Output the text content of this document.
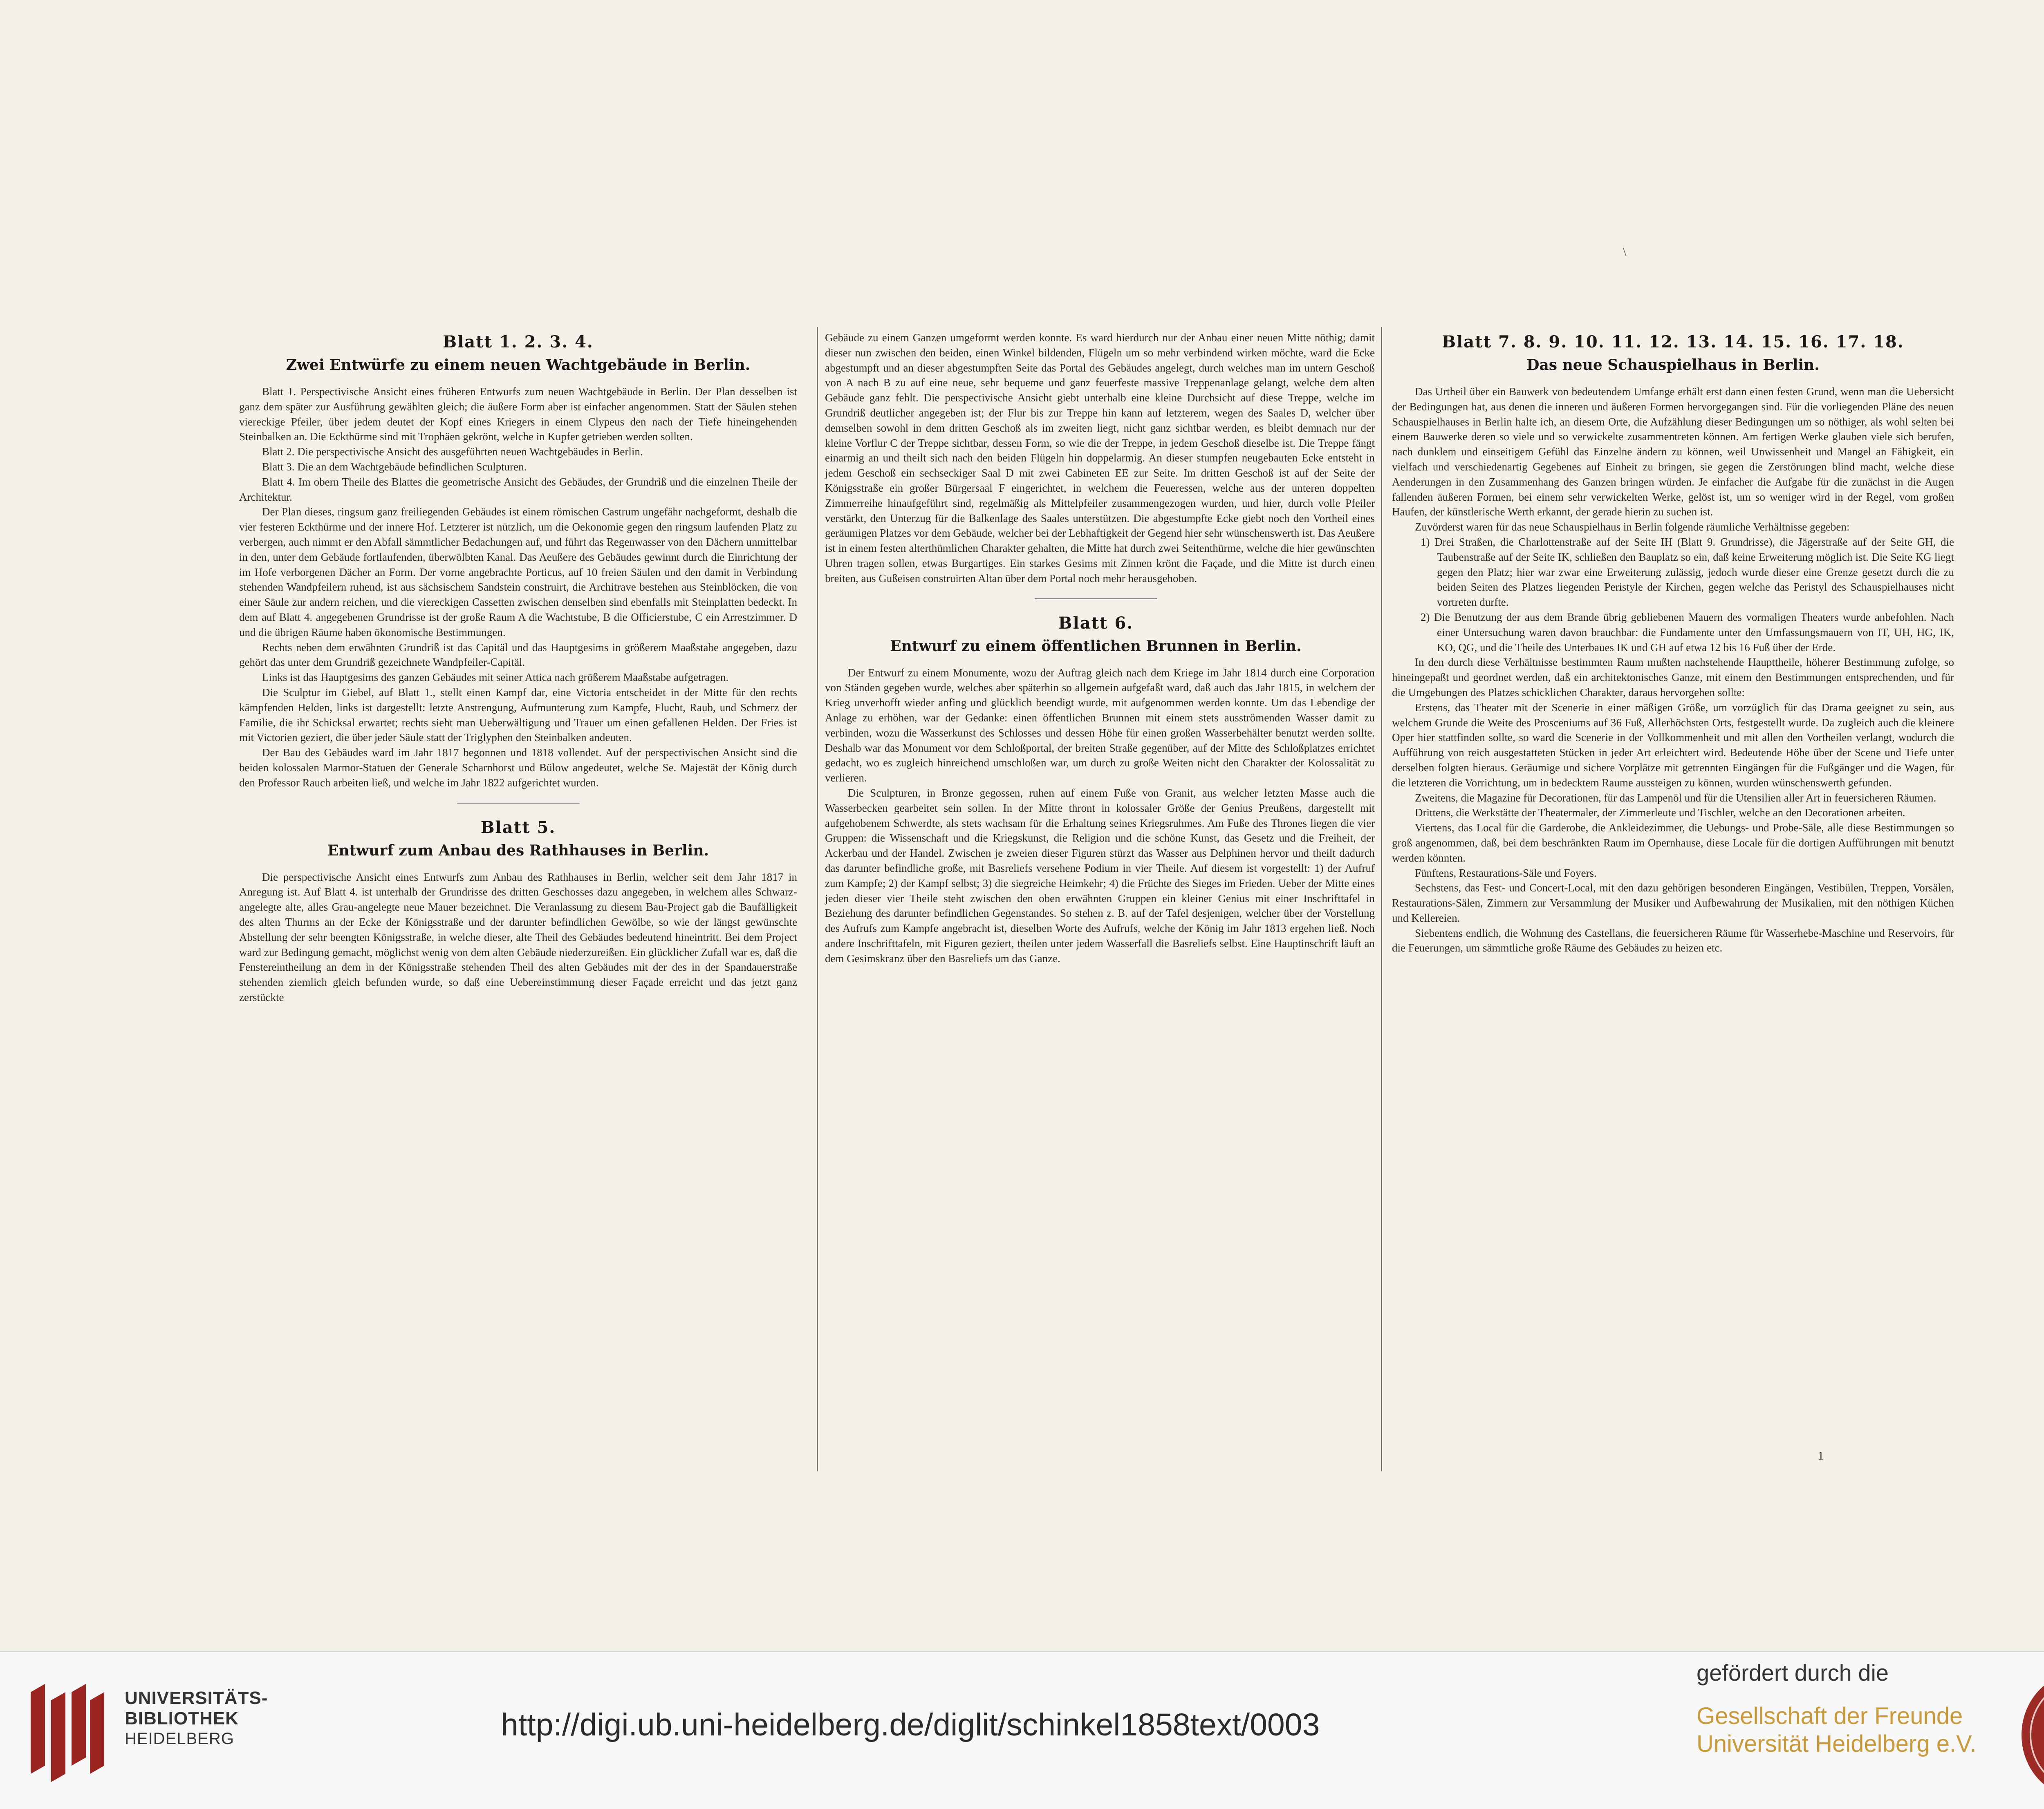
\
Blatt 1. 2. 3. 4.
Zwei Entwürfe zu einem neuen Wachtgebäude in Berlin.

Blatt 1. Perspectivische Ansicht eines früheren Entwurfs zum neuen Wachtgebäude in Berlin. Der Plan desselben ist ganz dem später zur Ausführung gewählten gleich; die äußere Form aber ist einfacher angenommen. Statt der Säulen stehen viereckige Pfeiler, über jedem deutet der Kopf eines Kriegers in einem Clypeus den nach der Tiefe hineingehenden Steinbalken an. Die Eckthürme sind mit Trophäen gekrönt, welche in Kupfer getrieben werden sollten.

Blatt 2. Die perspectivische Ansicht des ausgeführten neuen Wachtgebäudes in Berlin.

Blatt 3. Die an dem Wachtgebäude befindlichen Sculpturen.

Blatt 4. Im obern Theile des Blattes die geometrische Ansicht des Gebäudes, der Grundriß und die einzelnen Theile der Architektur.

Der Plan dieses, ringsum ganz freiliegenden Gebäudes ist einem römischen Castrum ungefähr nachgeformt, deshalb die vier festeren Eckthürme und der innere Hof. Letzterer ist nützlich, um die Oekonomie gegen den ringsum laufenden Platz zu verbergen, auch nimmt er den Abfall sämmtlicher Bedachungen auf, und führt das Regenwasser von den Dächern unmittelbar in den, unter dem Gebäude fortlaufenden, überwölbten Kanal. Das Aeußere des Gebäudes gewinnt durch die Einrichtung der im Hofe verborgenen Dächer an Form. Der vorne angebrachte Porticus, auf 10 freien Säulen und den damit in Verbindung stehenden Wandpfeilern ruhend, ist aus sächsischem Sandstein construirt, die Architrave bestehen aus Steinblöcken, die von einer Säule zur andern reichen, und die viereckigen Cassetten zwischen denselben sind ebenfalls mit Steinplatten bedeckt. In dem auf Blatt 4. angegebenen Grundrisse ist der große Raum A die Wachtstube, B die Officierstube, C ein Arrestzimmer. D und die übrigen Räume haben ökonomische Bestimmungen.

Rechts neben dem erwähnten Grundriß ist das Capitäl und das Hauptgesims in größerem Maaßstabe angegeben, dazu gehört das unter dem Grundriß gezeichnete Wandpfeiler-Capitäl.

Links ist das Hauptgesims des ganzen Gebäudes mit seiner Attica nach größerem Maaßstabe aufgetragen.

Die Sculptur im Giebel, auf Blatt 1., stellt einen Kampf dar, eine Victoria entscheidet in der Mitte für den rechts kämpfenden Helden, links ist dargestellt: letzte Anstrengung, Aufmunterung zum Kampfe, Flucht, Raub, und Schmerz der Familie, die ihr Schicksal erwartet; rechts sieht man Ueberwältigung und Trauer um einen gefallenen Helden. Der Fries ist mit Victorien geziert, die über jeder Säule statt der Triglyphen den Steinbalken andeuten.

Der Bau des Gebäudes ward im Jahr 1817 begonnen und 1818 vollendet. Auf der perspectivischen Ansicht sind die beiden kolossalen Marmor-Statuen der Generale Scharnhorst und Bülow angedeutet, welche Se. Majestät der König durch den Professor Rauch arbeiten ließ, und welche im Jahr 1822 aufgerichtet wurden.

Blatt 5.
Entwurf zum Anbau des Rathhauses in Berlin.

Die perspectivische Ansicht eines Entwurfs zum Anbau des Rathhauses in Berlin, welcher seit dem Jahr 1817 in Anregung ist. Auf Blatt 4. ist unterhalb der Grundrisse des dritten Geschosses dazu angegeben, in welchem alles Schwarz-angelegte alte, alles Grau-angelegte neue Mauer bezeichnet. Die Veranlassung zu diesem Bau-Project gab die Baufälligkeit des alten Thurms an der Ecke der Königsstraße und der darunter befindlichen Gewölbe, so wie der längst gewünschte Abstellung der sehr beengten Königsstraße, in welche dieser, alte Theil des Gebäudes bedeutend hineintritt. Bei dem Project ward zur Bedingung gemacht, möglichst wenig von dem alten Gebäude niederzureißen. Ein glücklicher Zufall war es, daß die Fenstereintheilung an dem in der Königsstraße stehenden Theil des alten Gebäudes mit der des in der Spandauerstraße stehenden ziemlich gleich befunden wurde, so daß eine Uebereinstimmung dieser Façade erreicht und das jetzt ganz zerstückte

Gebäude zu einem Ganzen umgeformt werden konnte. Es ward hierdurch nur der Anbau einer neuen Mitte nöthig; damit dieser nun zwischen den beiden, einen Winkel bildenden, Flügeln um so mehr verbindend wirken möchte, ward die Ecke abgestumpft und an dieser abgestumpften Seite das Portal des Gebäudes angelegt, durch welches man im untern Geschoß von A nach B zu auf eine neue, sehr bequeme und ganz feuerfeste massive Treppenanlage gelangt, welche dem alten Gebäude ganz fehlt. Die perspectivische Ansicht giebt unterhalb eine kleine Durchsicht auf diese Treppe, welche im Grundriß deutlicher angegeben ist; der Flur bis zur Treppe hin kann auf letzterem, wegen des Saales D, welcher über demselben sowohl in dem dritten Geschoß als im zweiten liegt, nicht ganz sichtbar werden, es bleibt demnach nur der kleine Vorflur C der Treppe sichtbar, dessen Form, so wie die der Treppe, in jedem Geschoß dieselbe ist. Die Treppe fängt einarmig an und theilt sich nach den beiden Flügeln hin doppelarmig. An dieser stumpfen neugebauten Ecke entsteht in jedem Geschoß ein sechseckiger Saal D mit zwei Cabineten EE zur Seite. Im dritten Geschoß ist auf der Seite der Königsstraße ein großer Bürgersaal F eingerichtet, in welchem die Feueressen, welche aus der unteren doppelten Zimmerreihe hinaufgeführt sind, regelmäßig als Mittelpfeiler zusammengezogen wurden, und hier, durch volle Pfeiler verstärkt, den Unterzug für die Balkenlage des Saales unterstützen. Die abgestumpfte Ecke giebt noch den Vortheil eines geräumigen Platzes vor dem Gebäude, welcher bei der Lebhaftigkeit der Gegend hier sehr wünschenswerth ist. Das Aeußere ist in einem festen alterthümlichen Charakter gehalten, die Mitte hat durch zwei Seitenthürme, welche die hier gewünschten Uhren tragen sollen, etwas Burgartiges. Ein starkes Gesims mit Zinnen krönt die Façade, und die Mitte ist durch einen breiten, aus Gußeisen construirten Altan über dem Portal noch mehr herausgehoben.

Blatt 6.
Entwurf zu einem öffentlichen Brunnen in Berlin.

Der Entwurf zu einem Monumente, wozu der Auftrag gleich nach dem Kriege im Jahr 1814 durch eine Corporation von Ständen gegeben wurde, welches aber späterhin so allgemein aufgefaßt ward, daß auch das Jahr 1815, in welchem der Krieg unverhofft wieder anfing und glücklich beendigt wurde, mit aufgenommen werden konnte. Um das Lebendige der Anlage zu erhöhen, war der Gedanke: einen öffentlichen Brunnen mit einem stets ausströmenden Wasser damit zu verbinden, wozu die Wasserkunst des Schlosses und dessen Höhe für einen großen Wasserbehälter benutzt werden sollte. Deshalb war das Monument vor dem Schloßportal, der breiten Straße gegenüber, auf der Mitte des Schloßplatzes errichtet gedacht, wo es zugleich hinreichend umschloßen war, um durch zu große Weiten nicht den Charakter der Kolossalität zu verlieren.

Die Sculpturen, in Bronze gegossen, ruhen auf einem Fuße von Granit, aus welcher letzten Masse auch die Wasserbecken gearbeitet sein sollen. In der Mitte thront in kolossaler Größe der Genius Preußens, dargestellt mit aufgehobenem Schwerdte, als stets wachsam für die Erhaltung seines Kriegsruhmes. Am Fuße des Thrones liegen die vier Gruppen: die Wissenschaft und die Kriegskunst, die Religion und die schöne Kunst, das Gesetz und die Freiheit, der Ackerbau und der Handel. Zwischen je zweien dieser Figuren stürzt das Wasser aus Delphinen hervor und theilt dadurch das darunter befindliche große, mit Basreliefs versehene Podium in vier Theile. Auf diesem ist vorgestellt: 1) der Aufruf zum Kampfe; 2) der Kampf selbst; 3) die siegreiche Heimkehr; 4) die Früchte des Sieges im Frieden. Ueber der Mitte eines jeden dieser vier Theile steht zwischen den oben erwähnten Gruppen ein kleiner Genius mit einer Inschrifttafel in Beziehung des darunter befindlichen Gegenstandes. So stehen z. B. auf der Tafel desjenigen, welcher über der Vorstellung des Aufrufs zum Kampfe angebracht ist, dieselben Worte des Aufrufs, welche der König im Jahr 1813 ergehen ließ. Noch andere Inschrifttafeln, mit Figuren geziert, theilen unter jedem Wasserfall die Basreliefs selbst. Eine Hauptinschrift läuft an dem Gesimskranz über den Basreliefs um das Ganze.

Blatt 7. 8. 9. 10. 11. 12. 13. 14. 15. 16. 17. 18.
Das neue Schauspielhaus in Berlin.

Das Urtheil über ein Bauwerk von bedeutendem Umfange erhält erst dann einen festen Grund, wenn man die Uebersicht der Bedingungen hat, aus denen die inneren und äußeren Formen hervorgegangen sind. Für die vorliegenden Pläne des neuen Schauspielhauses in Berlin halte ich, an diesem Orte, die Aufzählung dieser Bedingungen um so nöthiger, als wohl selten bei einem Bauwerke deren so viele und so verwickelte zusammentreten können. Am fertigen Werke glauben viele sich berufen, nach dunklem und einseitigem Gefühl das Einzelne ändern zu können, weil Unwissenheit und Mangel an Fähigkeit, ein vielfach und verschiedenartig Gegebenes auf Einheit zu bringen, sie gegen die Zerstörungen blind macht, welche diese Aenderungen in den Zusammenhang des Ganzen bringen würden. Je einfacher die Aufgabe für die zunächst in die Augen fallenden äußeren Formen, bei einem sehr verwickelten Werke, gelöst ist, um so weniger wird in der Regel, vom großen Haufen, der künstlerische Werth erkannt, der gerade hierin zu suchen ist.

Zuvörderst waren für das neue Schauspielhaus in Berlin folgende räumliche Verhältnisse gegeben:

1) Drei Straßen, die Charlottenstraße auf der Seite IH (Blatt 9. Grundrisse), die Jägerstraße auf der Seite GH, die Taubenstraße auf der Seite IK, schließen den Bauplatz so ein, daß keine Erweiterung möglich ist. Die Seite KG liegt gegen den Platz; hier war zwar eine Erweiterung zulässig, jedoch wurde dieser eine Grenze gesetzt durch die zu beiden Seiten des Platzes liegenden Peristyle der Kirchen, gegen welche das Peristyl des Schauspielhauses nicht vortreten durfte.
2) Die Benutzung der aus dem Brande übrig gebliebenen Mauern des vormaligen Theaters wurde anbefohlen. Nach einer Untersuchung waren davon brauchbar: die Fundamente unter den Umfassungsmauern von IT, UH, HG, IK, KO, QG, und die Theile des Unterbaues IK und GH auf etwa 12 bis 16 Fuß über der Erde.

In den durch diese Verhältnisse bestimmten Raum mußten nachstehende Haupttheile, höherer Bestimmung zufolge, so hineingepaßt und geordnet werden, daß ein architektonisches Ganze, mit einem den Bestimmungen entsprechenden, und für die Umgebungen des Platzes schicklichen Charakter, daraus hervorgehen sollte:

Erstens, das Theater mit der Scenerie in einer mäßigen Größe, um vorzüglich für das Drama geeignet zu sein, aus welchem Grunde die Weite des Prosceniums auf 36 Fuß, Allerhöchsten Orts, festgestellt wurde. Da zugleich auch die kleinere Oper hier stattfinden sollte, so ward die Scenerie in der Vollkommenheit und mit allen den Vortheilen verlangt, wodurch die Aufführung von reich ausgestatteten Stücken in jeder Art erleichtert wird. Bedeutende Höhe über der Scene und Tiefe unter derselben folgten hieraus. Geräumige und sichere Vorplätze mit getrennten Eingängen für die Fußgänger und die Wagen, für die letzteren die Vorrichtung, um in bedecktem Raume aussteigen zu können, wurden wünschenswerth gefunden.

Zweitens, die Magazine für Decorationen, für das Lampenöl und für die Utensilien aller Art in feuersicheren Räumen.

Drittens, die Werkstätte der Theatermaler, der Zimmerleute und Tischler, welche an den Decorationen arbeiten.

Viertens, das Local für die Garderobe, die Ankleidezimmer, die Uebungs- und Probe-Säle, alle diese Bestimmungen so groß angenommen, daß, bei dem beschränkten Raum im Opernhause, diese Locale für die dortigen Aufführungen mit benutzt werden könnten.

Fünftens, Restaurations-Säle und Foyers.

Sechstens, das Fest- und Concert-Local, mit den dazu gehörigen besonderen Eingängen, Vestibülen, Treppen, Vorsälen, Restaurations-Sälen, Zimmern zur Versammlung der Musiker und Aufbewahrung der Musikalien, mit den nöthigen Küchen und Kellereien.

Siebentens endlich, die Wohnung des Castellans, die feuersicheren Räume für Wasserhebe-Maschine und Reservoirs, für die Feuerungen, um sämmtliche große Räume des Gebäudes zu heizen etc.

1
UNIVERSITÄTS-
BIBLIOTHEK
HEIDELBERG	http://digi.ub.uni-heidelberg.de/diglit/schinkel1858text/0003
gefördert durch die
Gesellschaft der Freunde
Universität Heidelberg e.V.
